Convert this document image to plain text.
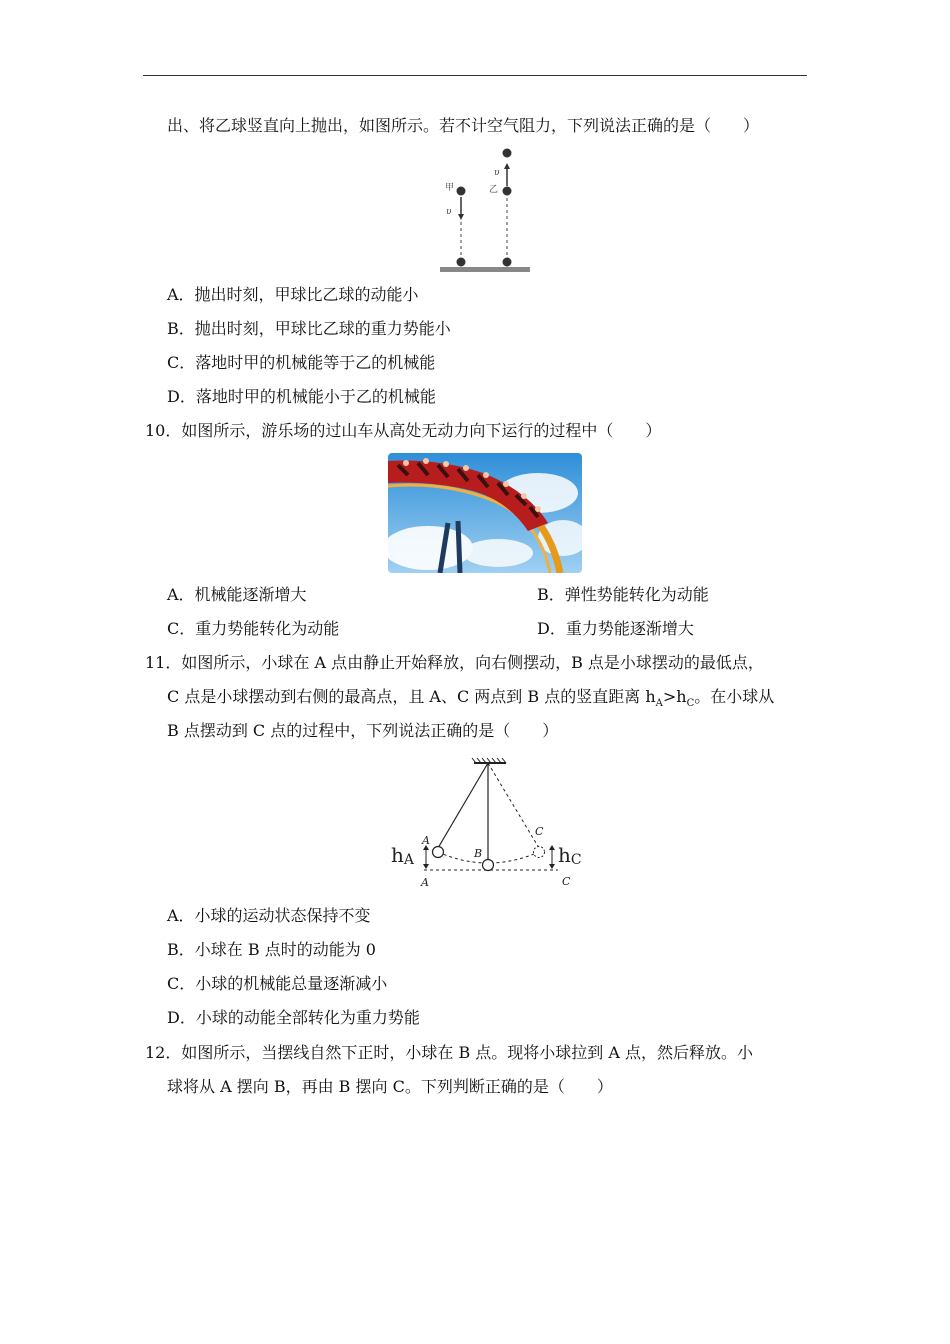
出、将乙球竖直向上抛出，如图所示。若不计空气阻力，下列说法正确的是（　　）
甲
υ
乙
υ
A．抛出时刻，甲球比乙球的动能小
B．抛出时刻，甲球比乙球的重力势能小
C．落地时甲的机械能等于乙的机械能
D．落地时甲的机械能小于乙的机械能
10．如图所示，游乐场的过山车从高处无动力向下运行的过程中（　　）
A．机械能逐渐增大	B．弹性势能转化为动能
C．重力势能转化为动能	D．重力势能逐渐增大
11．如图所示，小球在 A 点由静止开始释放，向右侧摆动，B 点是小球摆动的最低点，
C 点是小球摆动到右侧的最高点，且 A、C 两点到 B 点的竖直距离 $h_A>h_C$。在小球从
B 点摆动到 C 点的过程中，下列说法正确的是（　　）
A
A
B
C
C
hA	hC
A．小球的运动状态保持不变
B．小球在 B 点时的动能为 0
C．小球的机械能总量逐渐减小
D．小球的动能全部转化为重力势能
12．如图所示，当摆线自然下正时，小球在 B 点。现将小球拉到 A 点，然后释放。小
球将从 A 摆向 B，再由 B 摆向 C。下列判断正确的是（　　）
